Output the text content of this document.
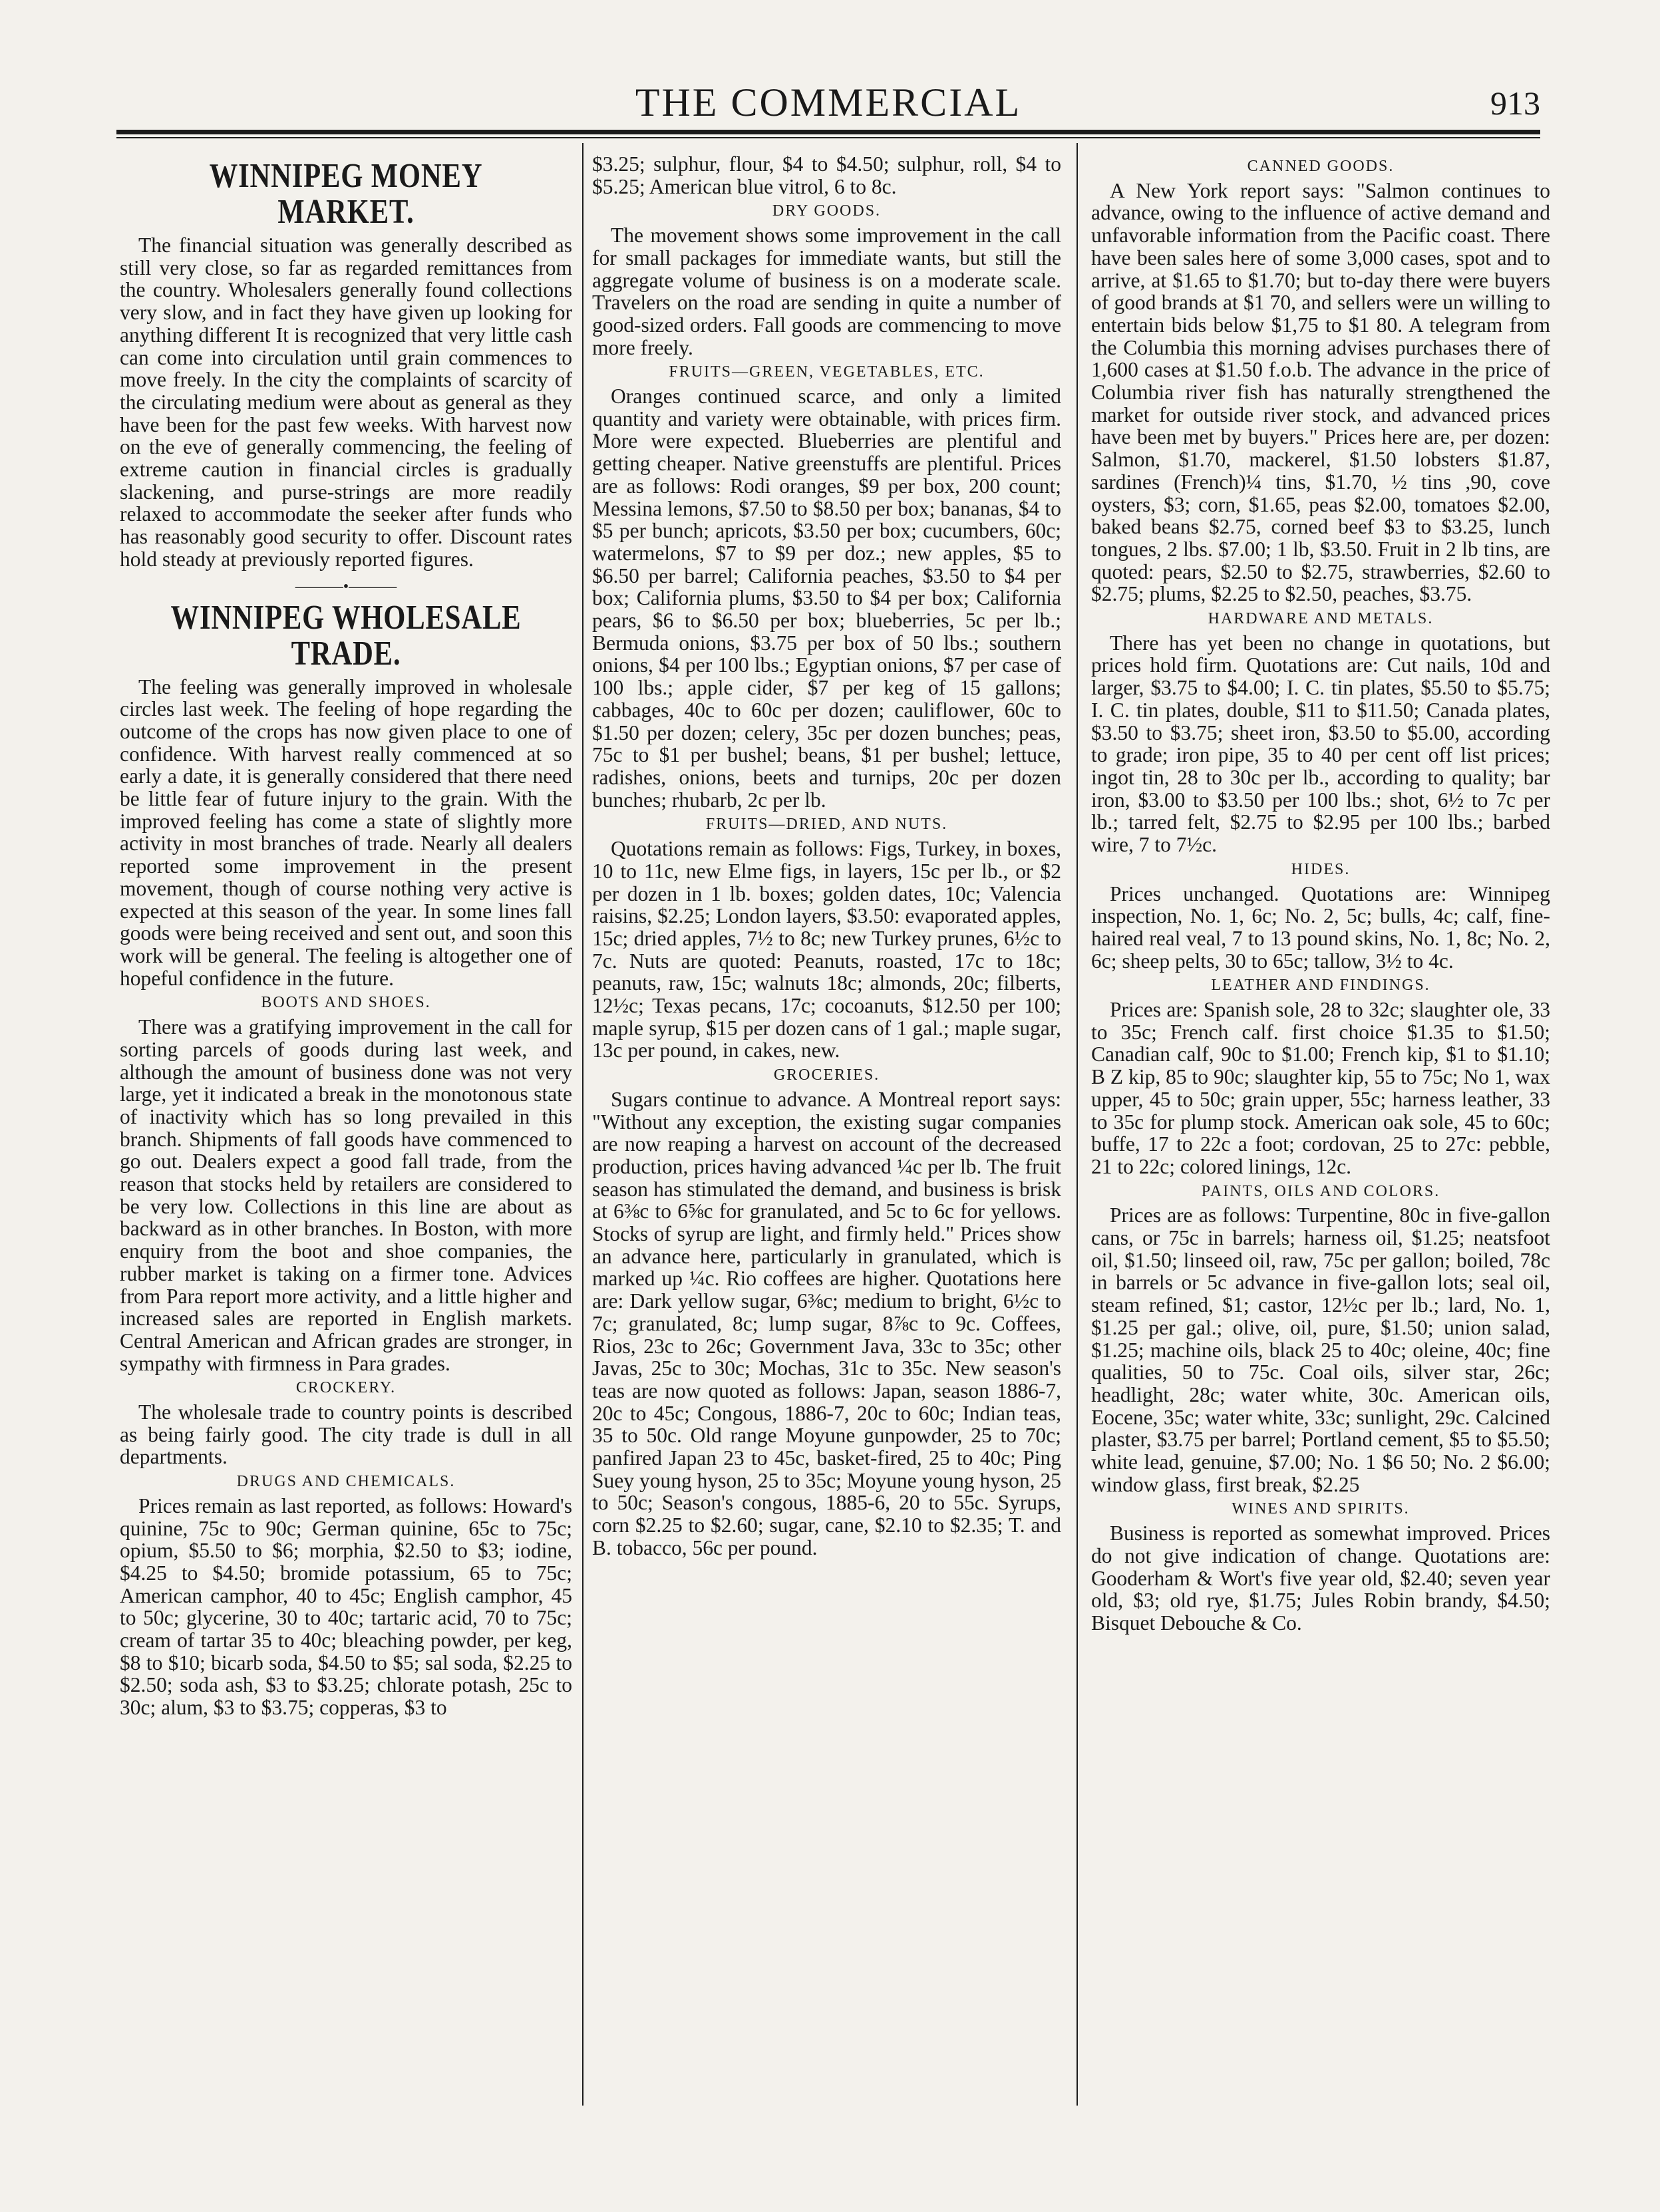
THE COMMERCIAL	913
WINNIPEG MONEY MARKET.

The financial situation was generally described as still very close, so far as regarded remittances from the country. Wholesalers generally found collections very slow, and in fact they have given up looking for anything different It is recognized that very little cash can come into circulation until grain commences to move freely. In the city the complaints of scarcity of the circulating medium were about as general as they have been for the past few weeks. With harvest now on the eve of generally commencing, the feeling of extreme caution in financial circles is gradually slackening, and purse-strings are more readily relaxed to accommodate the seeker after funds who has reasonably good security to offer. Discount rates hold steady at previously reported figures.

———•———
WINNIPEG WHOLESALE TRADE.

The feeling was generally improved in wholesale circles last week. The feeling of hope regarding the outcome of the crops has now given place to one of confidence. With harvest really commenced at so early a date, it is generally considered that there need be little fear of future injury to the grain. With the improved feeling has come a state of slightly more activity in most branches of trade. Nearly all dealers reported some improvement in the present movement, though of course nothing very active is expected at this season of the year. In some lines fall goods were being received and sent out, and soon this work will be general. The feeling is altogether one of hopeful confidence in the future.

BOOTS AND SHOES.

There was a gratifying improvement in the call for sorting parcels of goods during last week, and although the amount of business done was not very large, yet it indicated a break in the monotonous state of inactivity which has so long prevailed in this branch. Shipments of fall goods have commenced to go out. Dealers expect a good fall trade, from the reason that stocks held by retailers are considered to be very low. Collections in this line are about as backward as in other branches. In Boston, with more enquiry from the boot and shoe companies, the rubber market is taking on a firmer tone. Advices from Para report more activity, and a little higher and increased sales are reported in English markets. Central American and African grades are stronger, in sympathy with firmness in Para grades.

CROCKERY.

The wholesale trade to country points is described as being fairly good. The city trade is dull in all departments.

DRUGS AND CHEMICALS.

Prices remain as last reported, as follows: Howard's quinine, 75c to 90c; German quinine, 65c to 75c; opium, $5.50 to $6; morphia, $2.50 to $3; iodine, $4.25 to $4.50; bromide potassium, 65 to 75c; American camphor, 40 to 45c; English camphor, 45 to 50c; glycerine, 30 to 40c; tartaric acid, 70 to 75c; cream of tartar 35 to 40c; bleaching powder, per keg, $8 to $10; bicarb soda, $4.50 to $5; sal soda, $2.25 to $2.50; soda ash, $3 to $3.25; chlorate potash, 25c to 30c; alum, $3 to $3.75; copperas, $3 to

$3.25; sulphur, flour, $4 to $4.50; sulphur, roll, $4 to $5.25; American blue vitrol, 6 to 8c.

DRY GOODS.

The movement shows some improvement in the call for small packages for immediate wants, but still the aggregate volume of business is on a moderate scale. Travelers on the road are sending in quite a number of good-sized orders. Fall goods are commencing to move more freely.

FRUITS—GREEN, VEGETABLES, ETC.

Oranges continued scarce, and only a limited quantity and variety were obtainable, with prices firm. More were expected. Blueberries are plentiful and getting cheaper. Native greenstuffs are plentiful. Prices are as follows: Rodi oranges, $9 per box, 200 count; Messina lemons, $7.50 to $8.50 per box; bananas, $4 to $5 per bunch; apricots, $3.50 per box; cucumbers, 60c; watermelons, $7 to $9 per doz.; new apples, $5 to $6.50 per barrel; California peaches, $3.50 to $4 per box; California plums, $3.50 to $4 per box; California pears, $6 to $6.50 per box; blueberries, 5c per lb.; Bermuda onions, $3.75 per box of 50 lbs.; southern onions, $4 per 100 lbs.; Egyptian onions, $7 per case of 100 lbs.; apple cider, $7 per keg of 15 gallons; cabbages, 40c to 60c per dozen; cauliflower, 60c to $1.50 per dozen; celery, 35c per dozen bunches; peas, 75c to $1 per bushel; beans, $1 per bushel; lettuce, radishes, onions, beets and turnips, 20c per dozen bunches; rhubarb, 2c per lb.

FRUITS—DRIED, AND NUTS.

Quotations remain as follows: Figs, Turkey, in boxes, 10 to 11c, new Elme figs, in layers, 15c per lb., or $2 per dozen in 1 lb. boxes; golden dates, 10c; Valencia raisins, $2.25; London layers, $3.50: evaporated apples, 15c; dried apples, 7½ to 8c; new Turkey prunes, 6½c to 7c. Nuts are quoted: Peanuts, roasted, 17c to 18c; peanuts, raw, 15c; walnuts 18c; almonds, 20c; filberts, 12½c; Texas pecans, 17c; cocoanuts, $12.50 per 100; maple syrup, $15 per dozen cans of 1 gal.; maple sugar, 13c per pound, in cakes, new.

GROCERIES.

Sugars continue to advance. A Montreal report says: "Without any exception, the existing sugar companies are now reaping a harvest on account of the decreased production, prices having advanced ¼c per lb. The fruit season has stimulated the demand, and business is brisk at 6⅜c to 6⅝c for granulated, and 5c to 6c for yellows. Stocks of syrup are light, and firmly held." Prices show an advance here, particularly in granulated, which is marked up ¼c. Rio coffees are higher. Quotations here are: Dark yellow sugar, 6⅜c; medium to bright, 6½c to 7c; granulated, 8c; lump sugar, 8⅞c to 9c. Coffees, Rios, 23c to 26c; Government Java, 33c to 35c; other Javas, 25c to 30c; Mochas, 31c to 35c. New season's teas are now quoted as follows: Japan, season 1886-7, 20c to 45c; Congous, 1886-7, 20c to 60c; Indian teas, 35 to 50c. Old range Moyune gunpowder, 25 to 70c; panfired Japan 23 to 45c, basket-fired, 25 to 40c; Ping Suey young hyson, 25 to 35c; Moyune young hyson, 25 to 50c; Season's congous, 1885-6, 20 to 55c. Syrups, corn $2.25 to $2.60; sugar, cane, $2.10 to $2.35; T. and B. tobacco, 56c per pound.

CANNED GOODS.

A New York report says: "Salmon continues to advance, owing to the influence of active demand and unfavorable information from the Pacific coast. There have been sales here of some 3,000 cases, spot and to arrive, at $1.65 to $1.70; but to-day there were buyers of good brands at $1 70, and sellers were un willing to entertain bids below $1,75 to $1 80. A telegram from the Columbia this morning advises purchases there of 1,600 cases at $1.50 f.o.b. The advance in the price of Columbia river fish has naturally strengthened the market for outside river stock, and advanced prices have been met by buyers." Prices here are, per dozen: Salmon, $1.70, mackerel, $1.50 lobsters $1.87, sardines (French)¼ tins, $1.70, ½ tins ,90, cove oysters, $3; corn, $1.65, peas $2.00, tomatoes $2.00, baked beans $2.75, corned beef $3 to $3.25, lunch tongues, 2 lbs. $7.00; 1 lb, $3.50. Fruit in 2 lb tins, are quoted: pears, $2.50 to $2.75, strawberries, $2.60 to $2.75; plums, $2.25 to $2.50, peaches, $3.75.

HARDWARE AND METALS.

There has yet been no change in quotations, but prices hold firm. Quotations are: Cut nails, 10d and larger, $3.75 to $4.00; I. C. tin plates, $5.50 to $5.75; I. C. tin plates, double, $11 to $11.50; Canada plates, $3.50 to $3.75; sheet iron, $3.50 to $5.00, according to grade; iron pipe, 35 to 40 per cent off list prices; ingot tin, 28 to 30c per lb., according to quality; bar iron, $3.00 to $3.50 per 100 lbs.; shot, 6½ to 7c per lb.; tarred felt, $2.75 to $2.95 per 100 lbs.; barbed wire, 7 to 7½c.

HIDES.

Prices unchanged. Quotations are: Winnipeg inspection, No. 1, 6c; No. 2, 5c; bulls, 4c; calf, fine-haired real veal, 7 to 13 pound skins, No. 1, 8c; No. 2, 6c; sheep pelts, 30 to 65c; tallow, 3½ to 4c.

LEATHER AND FINDINGS.

Prices are: Spanish sole, 28 to 32c; slaughter ole, 33 to 35c; French calf. first choice $1.35 to $1.50; Canadian calf, 90c to $1.00; French kip, $1 to $1.10; B Z kip, 85 to 90c; slaughter kip, 55 to 75c; No 1, wax upper, 45 to 50c; grain upper, 55c; harness leather, 33 to 35c for plump stock. American oak sole, 45 to 60c; buffe, 17 to 22c a foot; cordovan, 25 to 27c: pebble, 21 to 22c; colored linings, 12c.

PAINTS, OILS AND COLORS.

Prices are as follows: Turpentine, 80c in five-gallon cans, or 75c in barrels; harness oil, $1.25; neatsfoot oil, $1.50; linseed oil, raw, 75c per gallon; boiled, 78c in barrels or 5c advance in five-gallon lots; seal oil, steam refined, $1; castor, 12½c per lb.; lard, No. 1, $1.25 per gal.; olive, oil, pure, $1.50; union salad, $1.25; machine oils, black 25 to 40c; oleine, 40c; fine qualities, 50 to 75c. Coal oils, silver star, 26c; headlight, 28c; water white, 30c. American oils, Eocene, 35c; water white, 33c; sunlight, 29c. Calcined plaster, $3.75 per barrel; Portland cement, $5 to $5.50; white lead, genuine, $7.00; No. 1 $6 50; No. 2 $6.00; window glass, first break, $2.25

WINES AND SPIRITS.

Business is reported as somewhat improved. Prices do not give indication of change. Quotations are: Gooderham & Wort's five year old, $2.40; seven year old, $3; old rye, $1.75; Jules Robin brandy, $4.50; Bisquet Debouche & Co.
